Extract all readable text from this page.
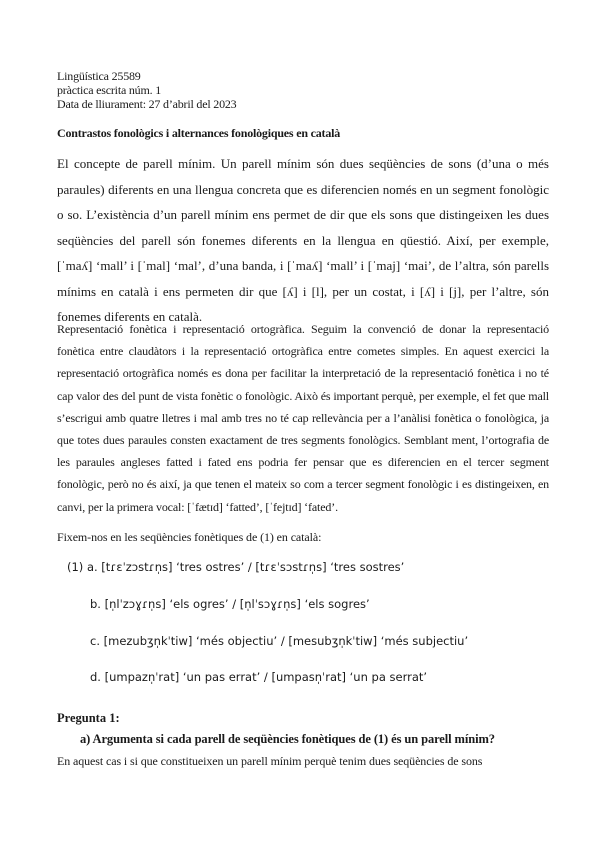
Lingüística 25589
pràctica escrita núm. 1
Data de lliurament: 27 d’abril del 2023
Contrastos fonològics i alternances fonològiques en català
El concepte de parell mínim. Un parell mínim són dues seqüències de sons (d’una o més paraules) diferents en una llengua concreta que es diferencien només en un segment fonològic o so. L’existència d’un parell mínim ens permet de dir que els sons que distingeixen les dues seqüències del parell són fonemes diferents en la llengua en qüestió. Així, per exemple, [ˈmaʎ] ‘mall’ i [ˈmal] ‘mal’, d’una banda, i [ˈmaʎ] ‘mall’ i [ˈmaj] ‘mai’, de l’altra, són parells mínims en català i ens permeten dir que [ʎ] i [l], per un costat, i [ʎ] i [j], per l’altre, són fonemes diferents en català.
Representació fonètica i representació ortogràfica. Seguim la convenció de donar la representació fonètica entre claudàtors i la representació ortogràfica entre cometes simples. En aquest exercici la representació ortogràfica només es dona per facilitar la interpretació de la representació fonètica i no té cap valor des del punt de vista fonètic o fonològic. Això és important perquè, per exemple, el fet que mall s’escrigui amb quatre lletres i mal amb tres no té cap rellevància per a l’anàlisi fonètica o fonològica, ja que totes dues paraules consten exactament de tres segments fonològics. Semblant ment, l’ortografia de les paraules angleses fatted i fated ens podria fer pensar que es diferencien en el tercer segment fonològic, però no és així, ja que tenen el mateix so com a tercer segment fonològic i es distingeixen, en canvi, per la primera vocal: [ˈfætɪd] ‘fatted’, [ˈfejtɪd] ‘fated’.
Fixem-nos en les seqüències fonètiques de (1) en català:
(1) a. [tɾɛˈzɔstɾn̩s] ‘tres ostres’ / [tɾɛˈsɔstɾn̩s] ‘tres sostres’
b. [n̩lˈzɔɣɾn̩s] ‘els ogres’ / [n̩lˈsɔɣɾn̩s] ‘els sogres’
c. [mezubʒn̩kˈtiw] ‘més objectiu’ / [mesubʒn̩kˈtiw] ‘més subjectiu’
d. [umpazn̩ˈrat] ‘un pas errat’ / [umpasn̩ˈrat] ‘un pa serrat’
Pregunta 1:
a) Argumenta si cada parell de seqüències fonètiques de (1) és un parell mínim?
En aquest cas i si que constitueixen un parell mínim perquè tenim dues seqüències de sons
